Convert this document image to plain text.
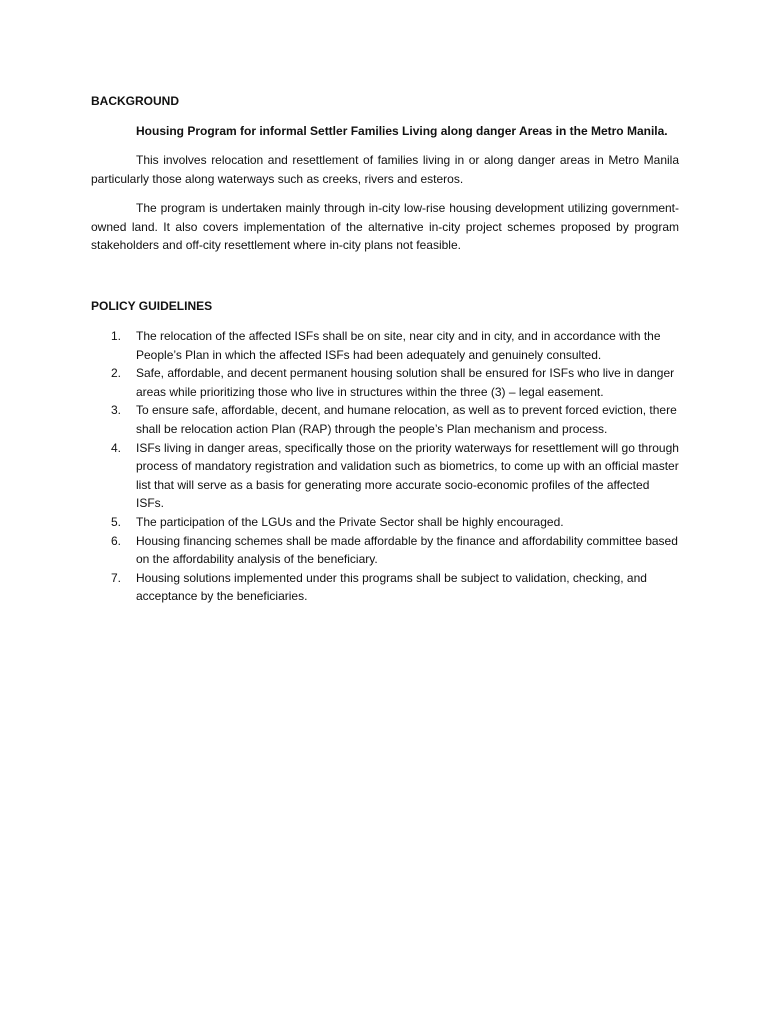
BACKGROUND

Housing Program for informal Settler Families Living along danger Areas in the Metro Manila.

This involves relocation and resettlement of families living in or along danger areas in Metro Manila particularly those along waterways such as creeks, rivers and esteros.

The program is undertaken mainly through in-city low-rise housing development utilizing government-owned land. It also covers implementation of the alternative in-city project schemes proposed by program stakeholders and off-city resettlement where in-city plans not feasible.

POLICY GUIDELINES
1. The relocation of the affected ISFs shall be on site, near city and in city, and in accordance with the People’s Plan in which the affected ISFs had been adequately and genuinely consulted.
2. Safe, affordable, and decent permanent housing solution shall be ensured for ISFs who live in danger areas while prioritizing those who live in structures within the three (3) – legal easement.
3. To ensure safe, affordable, decent, and humane relocation, as well as to prevent forced eviction, there shall be relocation action Plan (RAP) through the people’s Plan mechanism and process.
4. ISFs living in danger areas, specifically those on the priority waterways for resettlement will go through process of mandatory registration and validation such as biometrics, to come up with an official master list that will serve as a basis for generating more accurate socio-economic profiles of the affected ISFs.
5. The participation of the LGUs and the Private Sector shall be highly encouraged.
6. Housing financing schemes shall be made affordable by the finance and affordability committee based on the affordability analysis of the beneficiary.
7. Housing solutions implemented under this programs shall be subject to validation, checking, and acceptance by the beneficiaries.
